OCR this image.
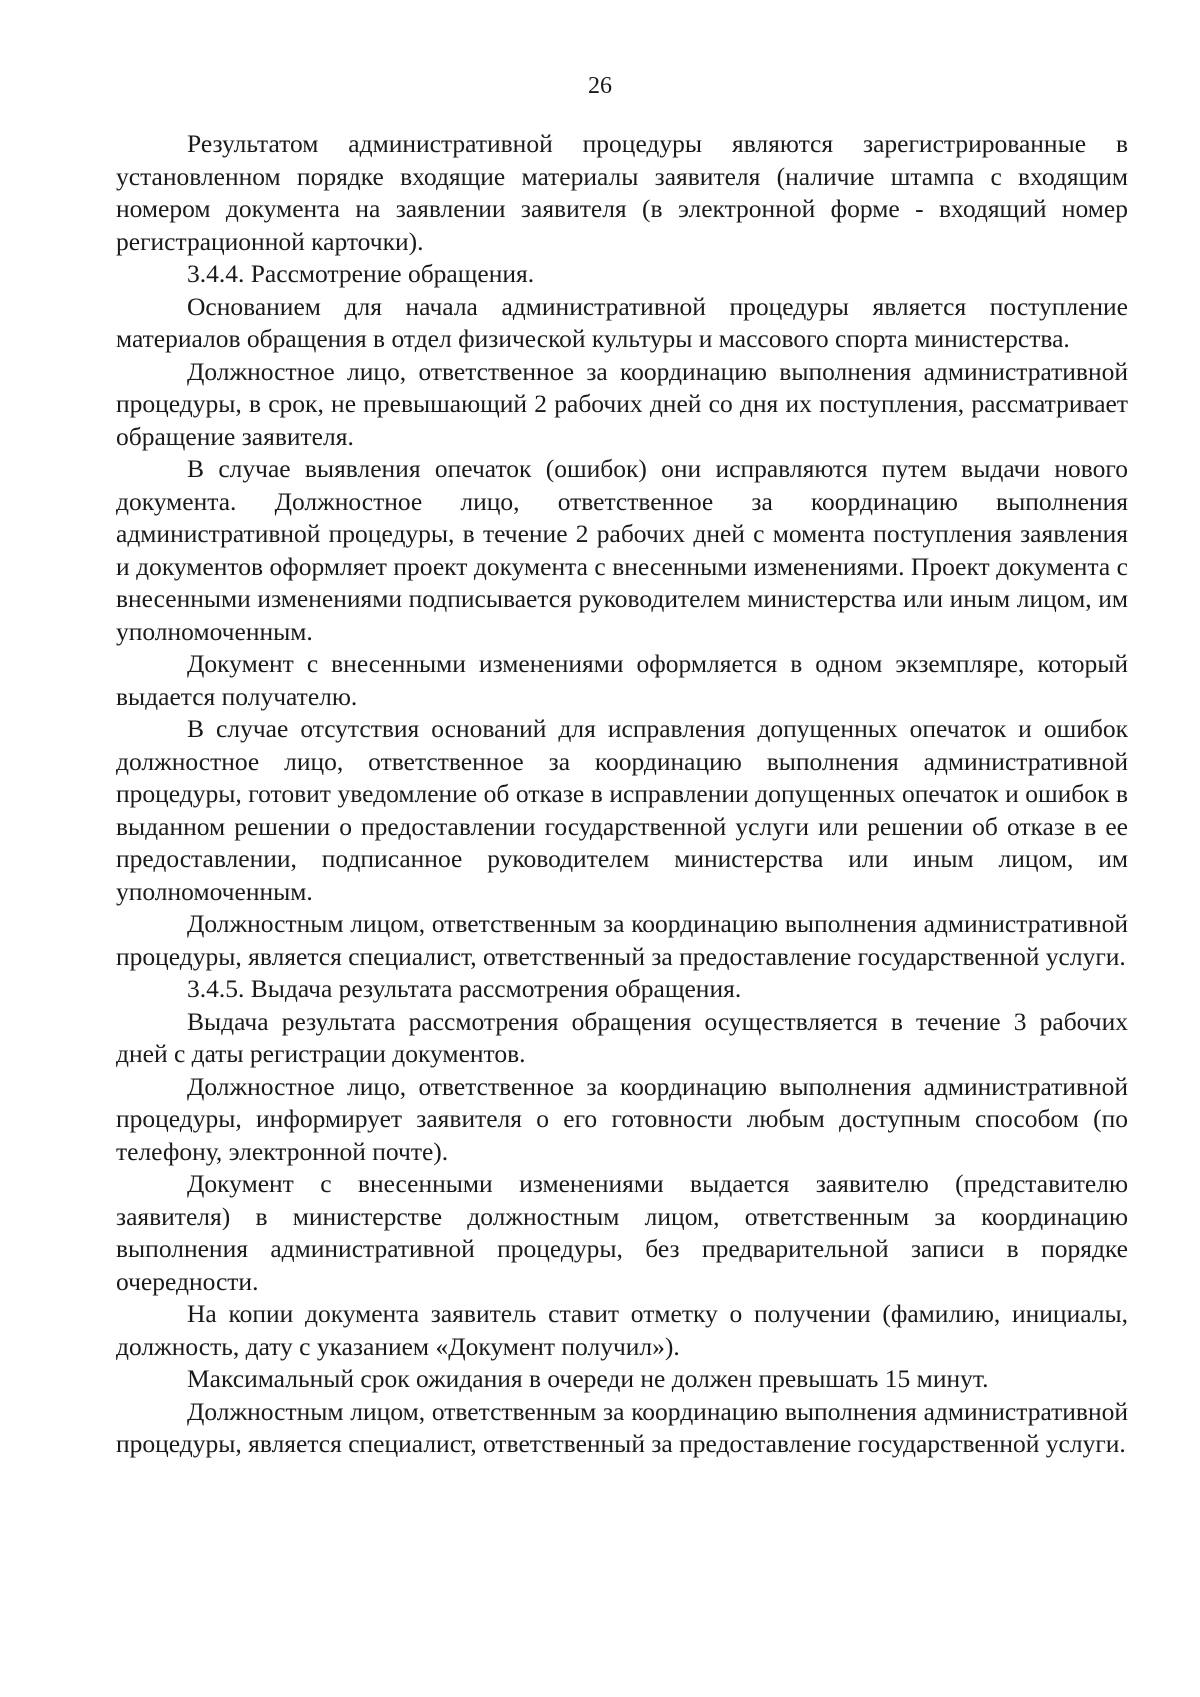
26

Результатом административной процедуры являются зарегистрированные в установленном порядке входящие материалы заявителя (наличие штампа с входящим номером документа на заявлении заявителя (в электронной форме - входящий номер регистрационной карточки).

3.4.4. Рассмотрение обращения.

Основанием для начала административной процедуры является поступление материалов обращения в отдел физической культуры и массового спорта министерства.

Должностное лицо, ответственное за координацию выполнения административной процедуры, в срок, не превышающий 2 рабочих дней со дня их поступления, рассматривает обращение заявителя.

В случае выявления опечаток (ошибок) они исправляются путем выдачи нового документа. Должностное лицо, ответственное за координацию выполнения административной процедуры, в течение 2 рабочих дней с момента поступления заявления и документов оформляет проект документа с внесенными изменениями. Проект документа с внесенными изменениями подписывается руководителем министерства или иным лицом, им уполномоченным.

Документ с внесенными изменениями оформляется в одном экземпляре, который выдается получателю.

В случае отсутствия оснований для исправления допущенных опечаток и ошибок должностное лицо, ответственное за координацию выполнения административной процедуры, готовит уведомление об отказе в исправлении допущенных опечаток и ошибок в выданном решении о предоставлении государственной услуги или решении об отказе в ее предоставлении, подписанное руководителем министерства или иным лицом, им уполномоченным.

Должностным лицом, ответственным за координацию выполнения административной процедуры, является специалист, ответственный за предоставление государственной услуги.

3.4.5. Выдача результата рассмотрения обращения.

Выдача результата рассмотрения обращения осуществляется в течение 3 рабочих дней с даты регистрации документов.

Должностное лицо, ответственное за координацию выполнения административной процедуры, информирует заявителя о его готовности любым доступным способом (по телефону, электронной почте).

Документ с внесенными изменениями выдается заявителю (представителю заявителя) в министерстве должностным лицом, ответственным за координацию выполнения административной процедуры, без предварительной записи в порядке очередности.

На копии документа заявитель ставит отметку о получении (фамилию, инициалы, должность, дату с указанием «Документ получил»).

Максимальный срок ожидания в очереди не должен превышать 15 минут.

Должностным лицом, ответственным за координацию выполнения административной процедуры, является специалист, ответственный за предоставление государственной услуги.
